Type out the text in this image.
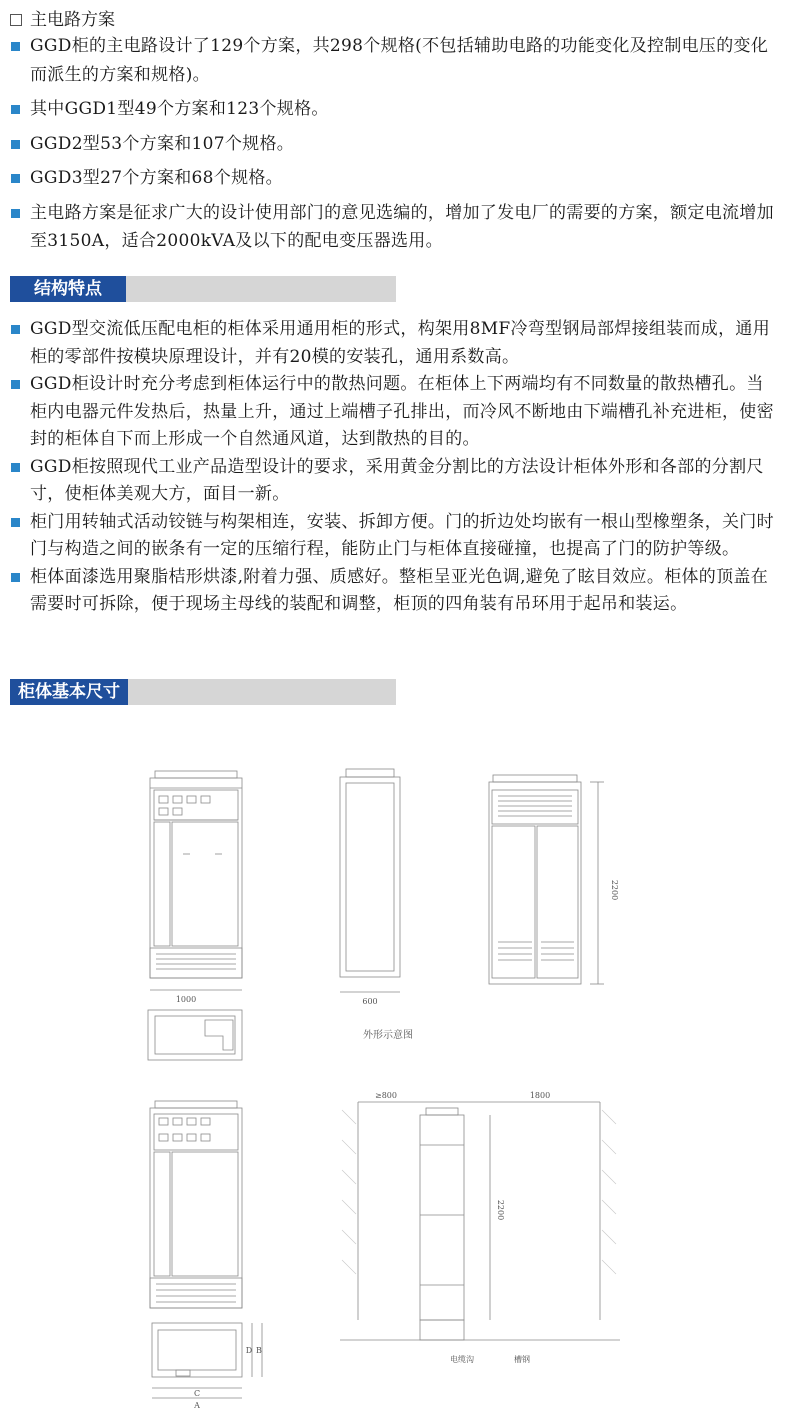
主电路方案
GGD柜的主电路设计了129个方案，共298个规格(不包括辅助电路的功能变化及控制电压的变化而派生的方案和规格)。
其中GGD1型49个方案和123个规格。
GGD2型53个方案和107个规格。
GGD3型27个方案和68个规格。
主电路方案是征求广大的设计使用部门的意见选编的，增加了发电厂的需要的方案，额定电流增加至3150A，适合2000kVA及以下的配电变压器选用。
结构特点
GGD型交流低压配电柜的柜体采用通用柜的形式，构架用8MF冷弯型钢局部焊接组装而成，通用柜的零部件按模块原理设计，并有20模的安装孔，通用系数高。
GGD柜设计时充分考虑到柜体运行中的散热问题。在柜体上下两端均有不同数量的散热槽孔。当柜内电器元件发热后，热量上升，通过上端槽子孔排出，而冷风不断地由下端槽孔补充进柜，使密封的柜体自下而上形成一个自然通风道，达到散热的目的。
GGD柜按照现代工业产品造型设计的要求，采用黄金分割比的方法设计柜体外形和各部的分割尺寸，使柜体美观大方，面目一新。
柜门用转轴式活动铰链与构架相连，安装、拆卸方便。门的折边处均嵌有一根山型橡塑条，关门时门与构造之间的嵌条有一定的压缩行程，能防止门与柜体直接碰撞，也提高了门的防护等级。
柜体面漆选用聚脂桔形烘漆,附着力强、质感好。整柜呈亚光色调,避免了眩目效应。柜体的顶盖在需要时可拆除，便于现场主母线的装配和调整，柜顶的四角装有吊环用于起吊和装运。
柜体基本尺寸
1000	600
2200
外形示意图
≥800	1800
2200
电缆沟	槽钢
C
A
D B
